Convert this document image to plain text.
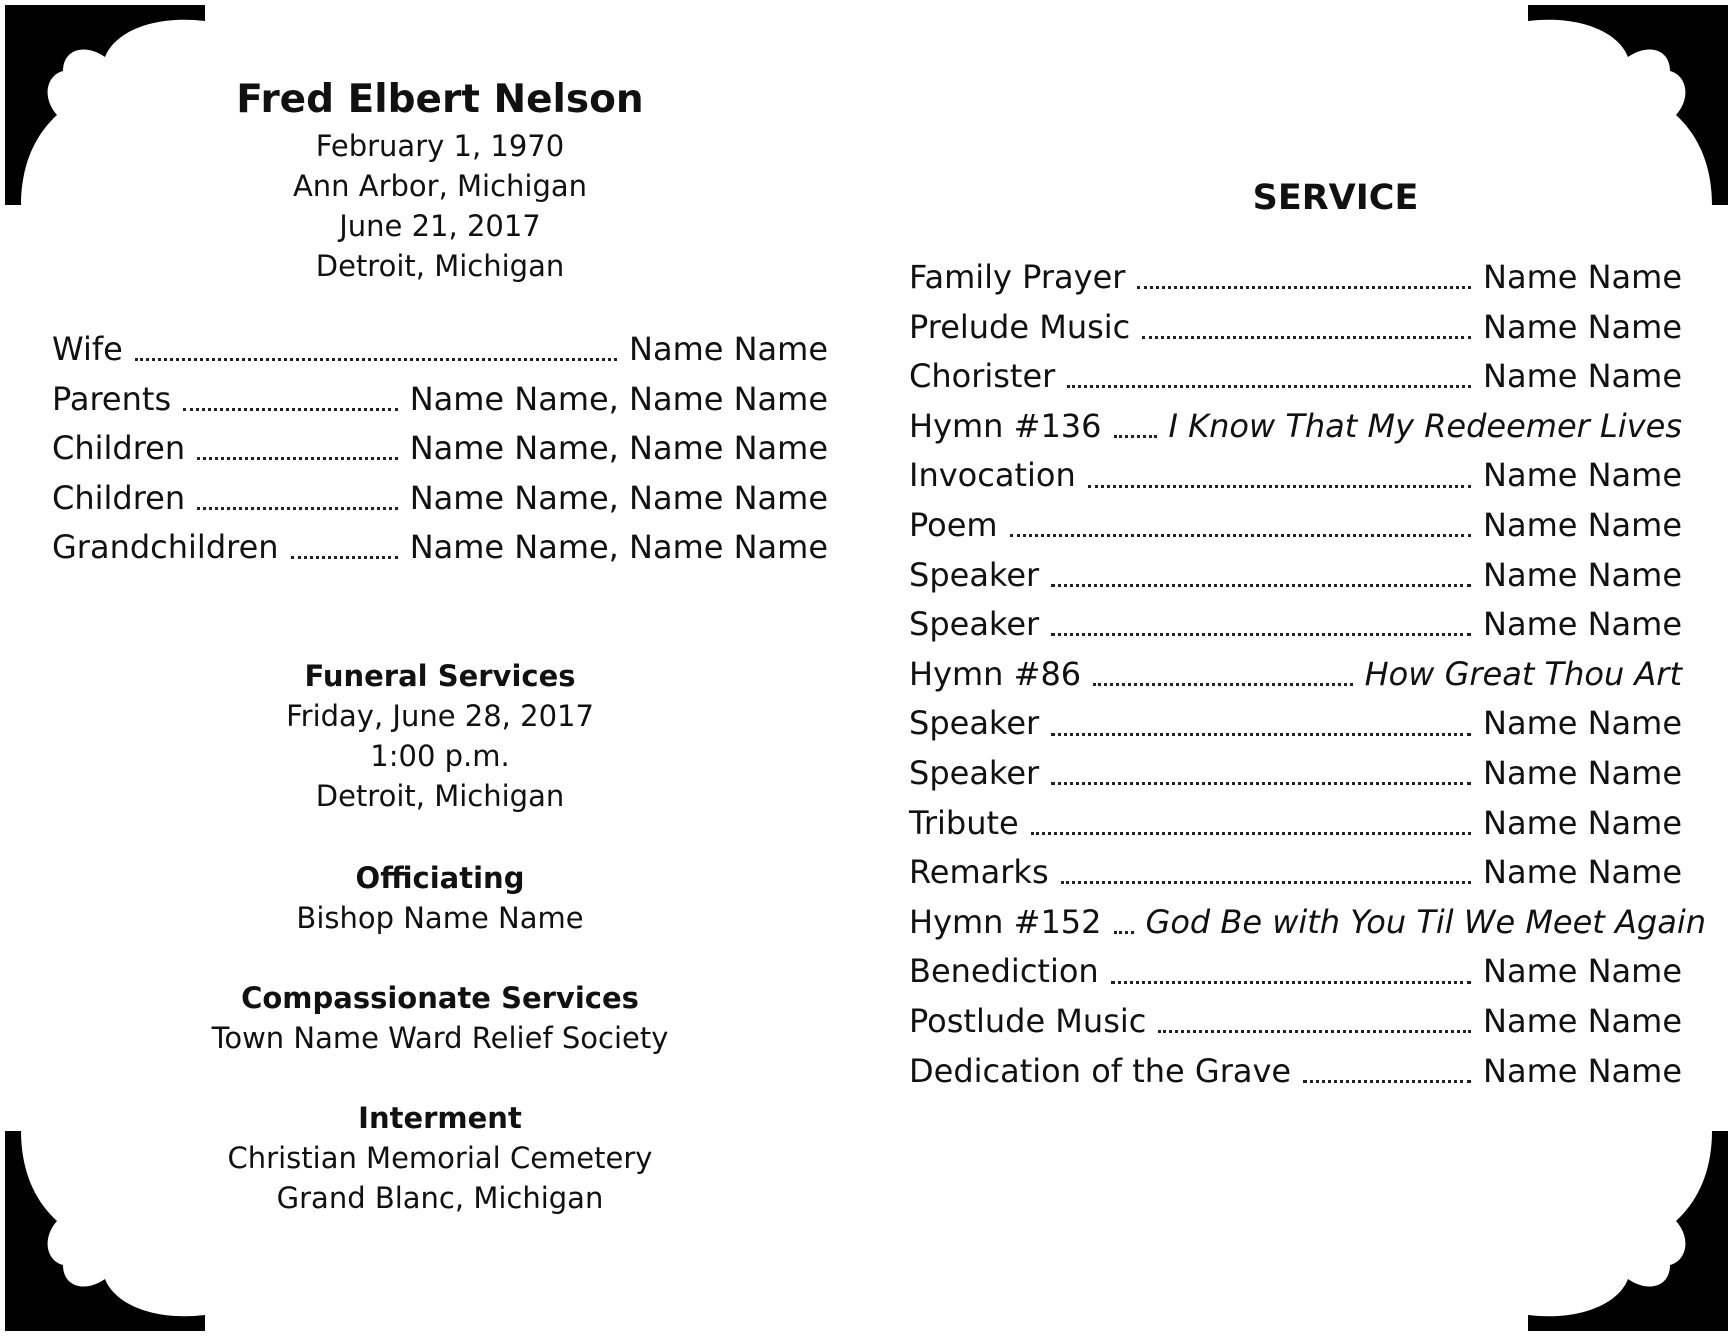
Fred Elbert Nelson
February 1, 1970
Ann Arbor, Michigan
June 21, 2017
Detroit, Michigan
Wife	Name Name
Parents	Name Name, Name Name
Children	Name Name, Name Name
Children	Name Name, Name Name
Grandchildren	Name Name, Name Name
Funeral Services
Friday, June 28, 2017
1:00 p.m.
Detroit, Michigan
Officiating
Bishop Name Name
Compassionate Services
Town Name Ward Relief Society
Interment
Christian Memorial Cemetery
Grand Blanc, Michigan
SERVICE
Family Prayer	Name Name
Prelude Music	Name Name
Chorister	Name Name
Hymn #136 I Know That My Redeemer Lives
Invocation	Name Name
Poem	Name Name
Speaker	Name Name
Speaker	Name Name
Hymn #86	How Great Thou Art
Speaker	Name Name
Speaker	Name Name
Tribute	Name Name
Remarks	Name Name
Hymn #152 God Be with You Til We Meet Again
Benediction	Name Name
Postlude Music	Name Name
Dedication of the Grave	Name Name
